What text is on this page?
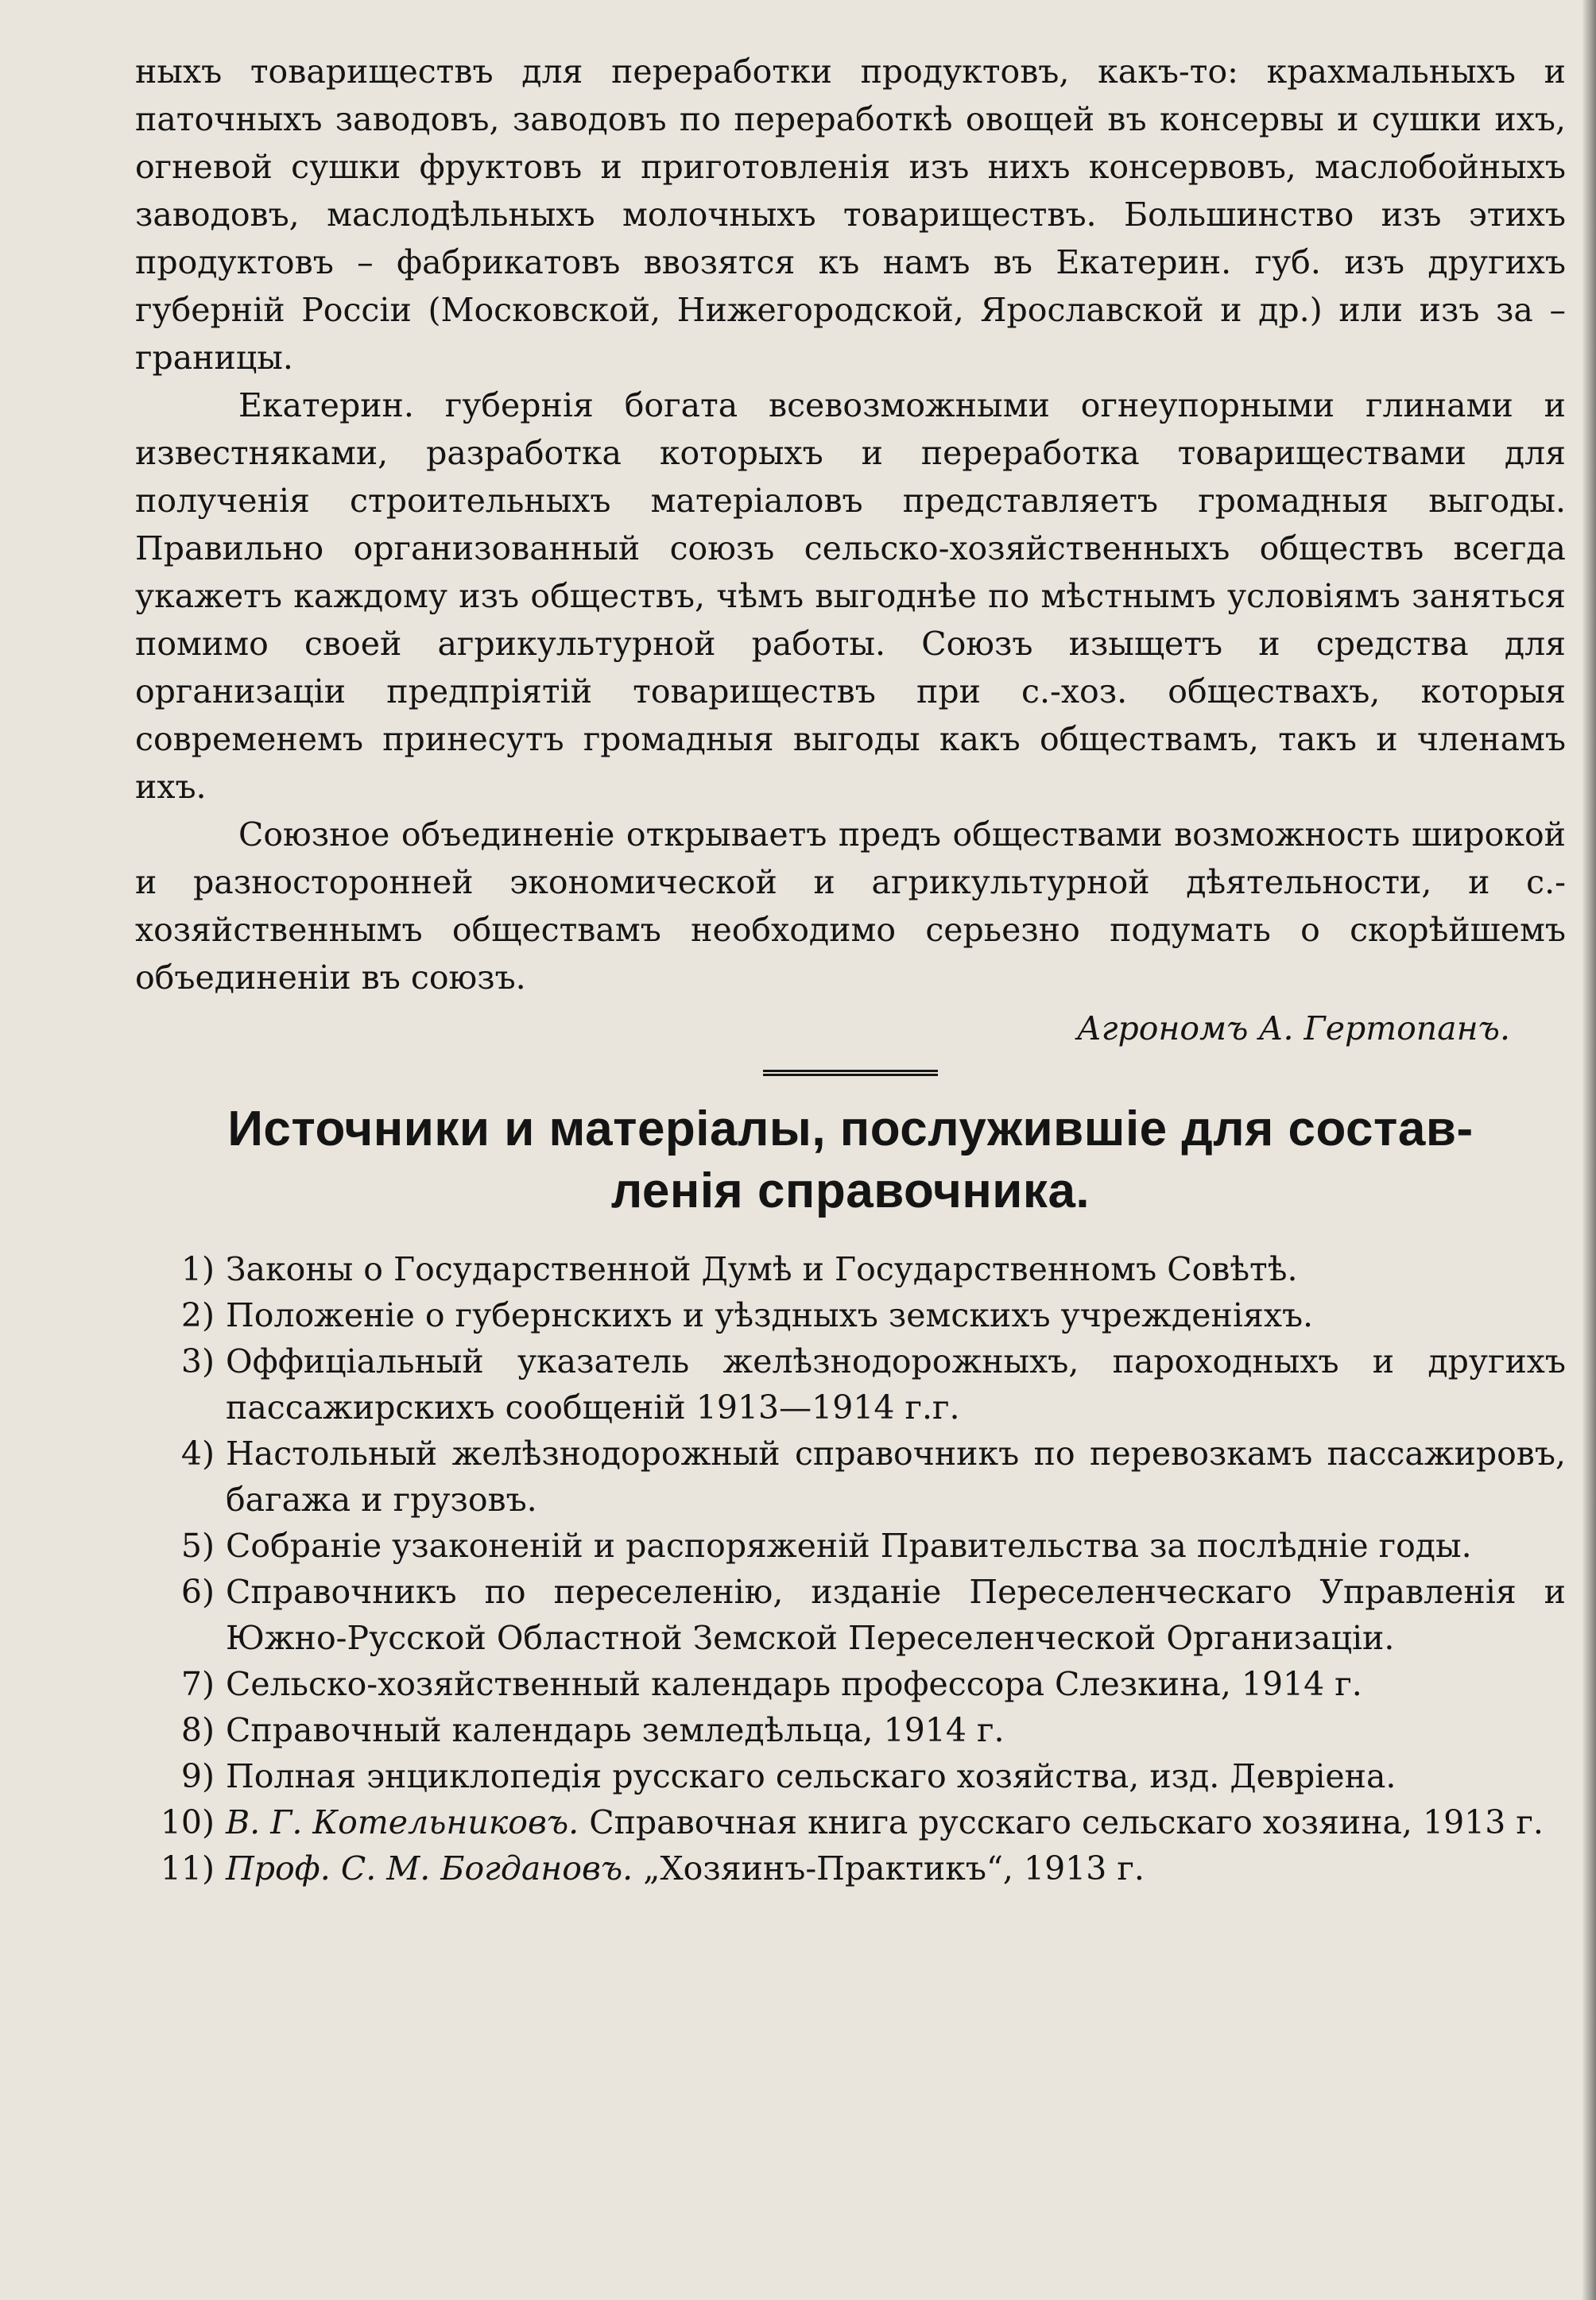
ныхъ товариществъ для переработки продуктовъ, какъ-то: крахмальныхъ и паточныхъ заводовъ, заводовъ по переработкѣ овощей въ консервы и сушки ихъ, огневой сушки фруктовъ и приготовленія изъ нихъ консервовъ, маслобойныхъ заводовъ, маслодѣльныхъ молочныхъ товариществъ. Большинство изъ этихъ продуктовъ – фабрикатовъ ввозятся къ намъ въ Екатерин. губ. изъ другихъ губерній Россіи (Московской, Нижегородской, Ярославской и др.) или изъ за – границы.

Екатерин. губернія богата всевозможными огнеупорными глинами и известняками, разработка которыхъ и переработка товариществами для полученія строительныхъ матеріаловъ представляетъ громадныя выгоды. Правильно организованный союзъ сельско-хозяйственныхъ обществъ всегда укажетъ каждому изъ обществъ, чѣмъ выгоднѣе по мѣстнымъ условіямъ заняться помимо своей агрикультурной работы. Союзъ изыщетъ и средства для организаціи предпріятій товариществъ при с.-хоз. обществахъ, которыя современемъ принесутъ громадныя выгоды какъ обществамъ, такъ и членамъ ихъ.

Союзное объединеніе открываетъ предъ обществами возможность широкой и разносторонней экономической и агрикультурной дѣятельности, и с.-хозяйственнымъ обществамъ необходимо серьезно подумать о скорѣйшемъ объединеніи въ союзъ.

Агрономъ А. Гертопанъ.

Источники и матеріалы, послужившіе для состав-
ленія справочника.
1) Законы о Государственной Думѣ и Государственномъ Совѣтѣ.
2) Положеніе о губернскихъ и уѣздныхъ земскихъ учрежденіяхъ.
3) Оффиціальный указатель желѣзнодорожныхъ, пароходныхъ и другихъ пассажирскихъ сообщеній 1913—1914 г.г.
4) Настольный желѣзнодорожный справочникъ по перевозкамъ пассажировъ, багажа и грузовъ.
5) Собраніе узаконеній и распоряженій Правительства за послѣдніе годы.
6) Справочникъ по переселенію, изданіе Переселенческаго Управленія и Южно-Русской Областной Земской Переселенческой Организаціи.
7) Сельско-хозяйственный календарь профессора Слезкина, 1914 г.
8) Справочный календарь земледѣльца, 1914 г.
9) Полная энциклопедія русскаго сельскаго хозяйства, изд. Девріена.
10) В. Г. Котельниковъ. Справочная книга русскаго сельскаго хозяина, 1913 г.
11) Проф. С. М. Богдановъ. „Хозяинъ-Практикъ“, 1913 г.
